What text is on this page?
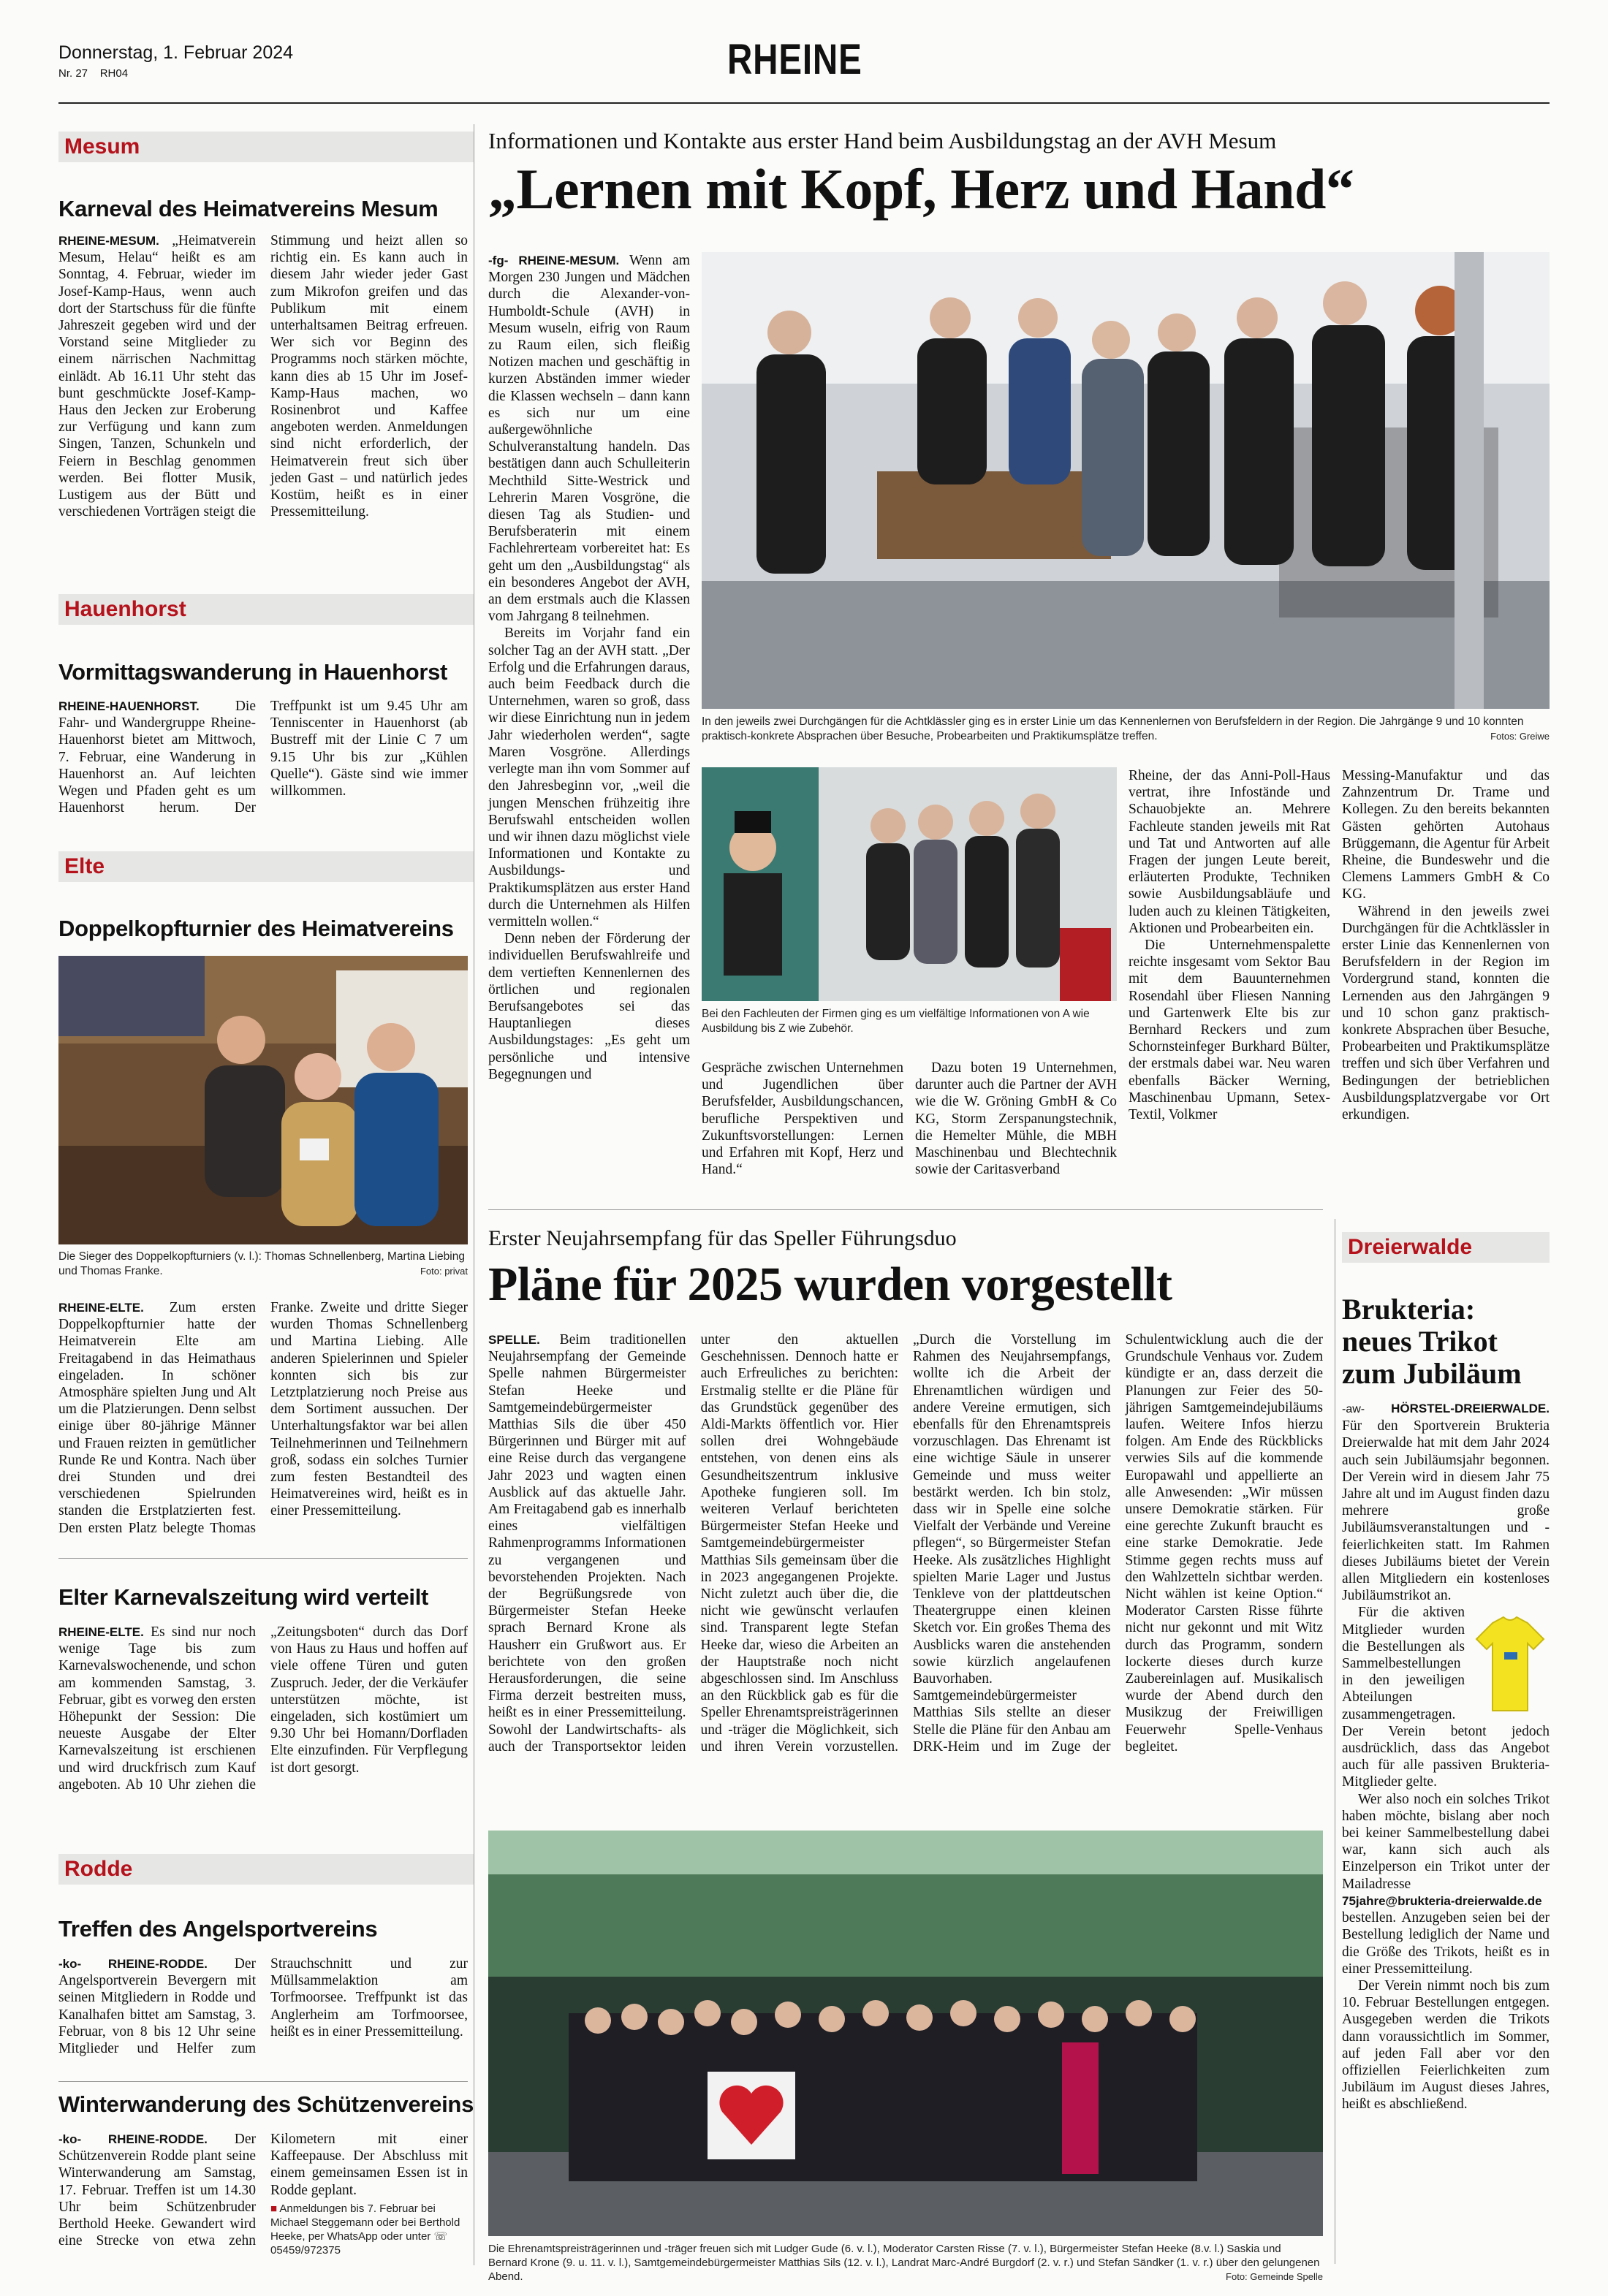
Donnerstag, 1. Februar 2024
Nr. 27 RH04	RHEINE
Mesum
Karneval des Heimatvereins Mesum

RHEINE-MESUM. „Heimatverein Mesum, Helau“ heißt es am Sonntag, 4. Februar, wieder im Josef-Kamp-Haus, wenn auch dort der Startschuss für die fünfte Jahreszeit gegeben wird und der Vorstand seine Mitglieder zu einem närrischen Nachmittag einlädt. Ab 16.11 Uhr steht das bunt geschmückte Josef-Kamp-Haus den Jecken zur Eroberung zur Verfügung und kann zum Singen, Tanzen, Schunkeln und Feiern in Beschlag genommen werden. Bei flotter Musik, Lustigem aus der Bütt und verschiedenen Vorträgen steigt die Stimmung und heizt allen so richtig ein. Es kann auch in diesem Jahr wieder jeder Gast zum Mikrofon greifen und das Publikum mit einem unterhaltsamen Beitrag erfreuen. Wer sich vor Beginn des Programms noch stärken möchte, kann dies ab 15 Uhr im Josef-Kamp-Haus machen, wo Rosinenbrot und Kaffee angeboten werden. Anmeldungen sind nicht erforderlich, der Heimatverein freut sich über jeden Gast – und natürlich jedes Kostüm, heißt es in einer Pressemitteilung.

Hauenhorst
Vormittagswanderung in Hauenhorst

RHEINE-HAUENHORST.	Die Fahr- und Wandergruppe Rheine-Hauenhorst bietet am Mittwoch, 7. Februar, eine Wanderung in Hauenhorst an. Auf leichten Wegen und Pfaden geht es um Hauenhorst herum. Der Treffpunkt ist um 9.45 Uhr am Tenniscenter in Hauenhorst (ab Bustreff mit der Linie C 7 um 9.15 Uhr bis zur „Kühlen Quelle“). Gäste sind wie immer willkommen.

Elte
Doppelkopfturnier des Heimatvereins
Die Sieger des Doppelkopfturniers (v. l.): Thomas Schnellenberg, Martina Liebing und Thomas Franke.	Foto: privat

RHEINE-ELTE. Zum ersten Doppelkopfturnier hatte der Heimatverein Elte am Freitagabend in das Heimathaus eingeladen. In schöner Atmosphäre spielten Jung und Alt um die Platzierungen. Denn selbst einige über 80-jährige Männer und Frauen reizten in gemütlicher Runde Re und Kontra. Nach über drei Stunden und drei verschiedenen Spielrunden standen die Erstplatzierten fest. Den ersten Platz belegte Thomas Franke. Zweite und dritte Sieger wurden Thomas Schnellenberg und Martina Liebing. Alle anderen Spielerinnen und Spieler konnten sich bis zur Letztplatzierung noch Preise aus dem Sortiment aussuchen. Der Unterhaltungsfaktor war bei allen Teilnehmerinnen und Teilnehmern groß, sodass ein solches Turnier zum festen Bestandteil des Heimatvereines wird, heißt es in einer Pressemitteilung.

Elter Karnevalszeitung wird verteilt

RHEINE-ELTE. Es sind nur noch wenige Tage bis zum Karnevalswochenende, und schon am kommenden Samstag, 3. Februar, gibt es vorweg den ersten Höhepunkt der Session: Die neueste Ausgabe der Elter Karnevalszeitung ist erschienen und wird druckfrisch zum Kauf angeboten. Ab 10 Uhr ziehen die „Zeitungsboten“ durch das Dorf von Haus zu Haus und hoffen auf viele offene Türen und guten Zuspruch. Jeder, der die Verkäufer unterstützen möchte, ist eingeladen, sich kostümiert um 9.30 Uhr bei Homann/Dorfladen Elte einzufinden. Für Verpflegung ist dort gesorgt.

Rodde
Treffen des Angelsportvereins

-ko- RHEINE-RODDE. Der Angelsportverein Bevergern mit seinen Mitgliedern in Rodde und Kanalhafen bittet am Samstag, 3. Februar, von 8 bis 12 Uhr seine Mitglieder und Helfer zum Strauchschnitt und zur Müllsammelaktion am Torfmoorsee. Treffpunkt ist das Anglerheim am Torfmoorsee, heißt es in einer Pressemitteilung.

Winterwanderung des Schützenvereins

-ko- RHEINE-RODDE. Der Schützenverein Rodde plant seine Winterwanderung am Samstag, 17. Februar. Treffen ist um 14.30 Uhr beim Schützenbruder Berthold Heeke. Gewandert wird eine Strecke von etwa zehn Kilometern mit einer Kaffeepause. Der Abschluss mit einem gemeinsamen Essen ist in Rodde geplant.

■ Anmeldungen bis 7. Februar bei Michael Steggemann oder bei Berthold Heeke, per WhatsApp oder unter ☏ 05459/972375

Informationen und Kontakte aus erster Hand beim Ausbildungstag an der AVH Mesum
„Lernen mit Kopf, Herz und Hand“

-fg- RHEINE-MESUM. Wenn am Morgen 230 Jungen und Mädchen durch die Alexander-von-Humboldt-Schule (AVH) in Mesum wuseln, eifrig von Raum zu Raum eilen, sich fleißig Notizen machen und geschäftig in kurzen Abständen immer wieder die Klassen wechseln – dann kann es sich nur um eine außergewöhnliche Schulveranstaltung handeln. Das bestätigen dann auch Schulleiterin Mechthild Sitte-Westrick und Lehrerin Maren Vosgröne, die diesen Tag als Studien- und Berufsberaterin mit einem Fachlehrerteam vorbereitet hat: Es geht um den „Ausbildungstag“ als ein besonderes Angebot der AVH, an dem erstmals auch die Klassen vom Jahrgang 8 teilnehmen.

Bereits im Vorjahr fand ein solcher Tag an der AVH statt. „Der Erfolg und die Erfahrungen daraus, auch beim Feedback durch die Unternehmen, waren so groß, dass wir diese Einrichtung nun in jedem Jahr wiederholen werden“, sagte Maren Vosgröne. Allerdings verlegte man ihn vom Sommer auf den Jahresbeginn vor, „weil die jungen Menschen frühzeitig ihre Berufswahl entscheiden wollen und wir ihnen dazu möglichst viele Informationen und Kontakte zu Ausbildungs- und Praktikumsplätzen aus erster Hand durch die Unternehmen als Hilfen vermitteln wollen.“

Denn neben der Förderung der individuellen Berufswahlreife und dem vertieften Kennenlernen des örtlichen und regionalen Berufsangebotes sei das Hauptanliegen dieses Ausbildungstages: „Es geht um persönliche und intensive Begegnungen und

In den jeweils zwei Durchgängen für die Achtklässler ging es in erster Linie um das Kennenlernen von Berufsfeldern in der Region. Die Jahrgänge 9 und 10 konnten praktisch-konkrete Absprachen über Besuche, Probearbeiten und Praktikumsplätze treffen.	Fotos: Greiwe
Bei den Fachleuten der Firmen ging es um vielfältige Informationen von A wie Ausbildung bis Z wie Zubehör.

Gespräche zwischen Unternehmen und Jugendlichen über Berufsfelder, Ausbildungschancen, berufliche Perspektiven und Zukunftsvorstellungen: Lernen und Erfahren mit Kopf, Herz und Hand.“

Dazu boten 19 Unternehmen, darunter auch die Partner der AVH wie die W. Gröning GmbH & Co KG, Storm Zerspanungstechnik, die Hemelter Mühle, die MBH Maschinenbau und Blechtechnik sowie der Caritasverband

Rheine, der das Anni-Poll-Haus vertrat, ihre Infostände und Schauobjekte an. Mehrere Fachleute standen jeweils mit Rat und Tat und Antworten auf alle Fragen der jungen Leute bereit, erläuterten Produkte, Techniken sowie Ausbildungsabläufe und luden auch zu kleinen Tätigkeiten, Aktionen und Probearbeiten ein.

Die Unternehmenspalette reichte insgesamt vom Sektor Bau mit dem Bauunternehmen Rosendahl über Fliesen Nanning und Gartenwerk Elte bis zur Bernhard Reckers und zum Schornsteinfeger Burkhard Bülter, der erstmals dabei war. Neu waren ebenfalls Bäcker Werning, Maschinenbau Upmann, Setex-Textil, Volkmer

Messing-Manufaktur und das Zahnzentrum Dr. Trame und Kollegen. Zu den bereits bekannten Gästen gehörten Autohaus Brüggemann, die Agentur für Arbeit Rheine, die Bundeswehr und die Clemens Lammers GmbH & Co KG.

Während in den jeweils zwei Durchgängen für die Achtklässler in erster Linie das Kennenlernen von Berufsfeldern in der Region im Vordergrund stand, konnten die Lernenden aus den Jahrgängen 9 und 10 schon ganz praktisch-konkrete Absprachen über Besuche, Probearbeiten und Praktikumsplätze treffen und sich über Verfahren und Bedingungen der betrieblichen Ausbildungsplatzvergabe vor Ort erkundigen.

Erster Neujahrsempfang für das Speller Führungsduo
Pläne für 2025 wurden vorgestellt

SPELLE. Beim traditionellen Neujahrsempfang der Gemeinde Spelle nahmen Bürgermeister Stefan Heeke und Samtgemeindebürgermeister Matthias Sils die über 450 Bürgerinnen und Bürger mit auf eine Reise durch das vergangene Jahr 2023 und wagten einen Ausblick auf das aktuelle Jahr. Am Freitagabend gab es innerhalb eines vielfältigen Rahmenprogramms Informationen zu vergangenen und bevorstehenden Projekten. Nach der Begrüßungsrede von Bürgermeister Stefan Heeke sprach Bernard Krone als Hausherr ein Grußwort aus. Er berichtete von den großen Herausforderungen, die seine Firma derzeit bestreiten muss, heißt es in einer Pressemitteilung. Sowohl der Landwirtschafts- als auch der Transportsektor leiden unter den aktuellen Geschehnissen. Dennoch hatte er auch Erfreuliches zu berichten: Erstmalig stellte er die Pläne für das Grundstück gegenüber des Aldi-Markts öffentlich vor. Hier sollen drei Wohngebäude entstehen, von denen eins als Gesundheitszentrum inklusive Apotheke fungieren soll. Im weiteren Verlauf berichteten Bürgermeister Stefan Heeke und Samtgemeindebürgermeister Matthias Sils gemeinsam über die in 2023 angegangenen Projekte. Nicht zuletzt auch über die, die nicht wie gewünscht verlaufen sind. Transparent legte Stefan Heeke dar, wieso die Arbeiten an der Hauptstraße noch nicht abgeschlossen sind. Im Anschluss an den Rückblick gab es für die Speller Ehrenamtspreisträgerinnen und -träger die Möglichkeit, sich und ihren Verein vorzustellen. „Durch die Vorstellung im Rahmen des Neujahrsempfangs, wollte ich die Arbeit der Ehrenamtlichen würdigen und andere Vereine ermutigen, sich ebenfalls für den Ehrenamtspreis vorzuschlagen. Das Ehrenamt ist eine wichtige Säule in unserer Gemeinde und muss weiter bestärkt werden. Ich bin stolz, dass wir in Spelle eine solche Vielfalt der Verbände und Vereine pflegen“, so Bürgermeister Stefan Heeke. Als zusätzliches Highlight spielten Marie Lager und Justus Tenkleve von der plattdeutschen Theatergruppe einen kleinen Sketch vor. Ein großes Thema des Ausblicks waren die anstehenden sowie kürzlich angelaufenen Bauvorhaben. Samtgemeindebürgermeister Matthias Sils stellte an dieser Stelle die Pläne für den Anbau am DRK-Heim und im Zuge der Schulentwicklung auch die der Grundschule Venhaus vor. Zudem kündigte er an, dass derzeit die Planungen zur Feier des 50-jährigen Samtgemeindejubiläums laufen. Weitere Infos hierzu folgen. Am Ende des Rückblicks verwies Sils auf die kommende Europawahl und appellierte an alle Anwesenden: „Wir müssen unsere Demokratie stärken. Für eine gerechte Zukunft braucht es eine starke Demokratie. Jede Stimme gegen rechts muss auf den Wahlzetteln sichtbar werden. Nicht wählen ist keine Option.“ Moderator Carsten Risse führte nicht nur gekonnt und mit Witz durch das Programm, sondern lockerte dieses durch kurze Zaubereinlagen auf. Musikalisch wurde der Abend durch den Musikzug der Freiwilligen Feuerwehr Spelle-Venhaus begleitet.

Die Ehrenamtspreisträgerinnen und -träger freuen sich mit Ludger Gude (6. v. l.), Moderator Carsten Risse (7. v. l.), Bürgermeister Stefan Heeke (8.v. l.) Saskia und Bernard Krone (9. u. 11. v. l.), Samtgemeindebürgermeister Matthias Sils (12. v. l.), Landrat Marc-André Burgdorf (2. v. r.) und Stefan Sändker (1. v. r.) über den gelungenen Abend.	Foto: Gemeinde Spelle
Dreierwalde
Brukteria: neues Trikot zum Jubiläum

-aw- HÖRSTEL-DREIERWALDE. Für den Sportverein Brukteria Dreierwalde hat mit dem Jahr 2024 auch sein Jubiläumsjahr begonnen. Der Verein wird in diesem Jahr 75 Jahre alt und im August finden dazu mehrere große Jubiläumsveranstaltungen und -feierlichkeiten statt. Im Rahmen dieses Jubiläums bietet der Verein allen Mitgliedern ein kostenloses Jubiläumstrikot an.

Für die aktiven Mitglieder wurden die Bestellungen als Sammelbestellungen in den jeweiligen Abteilungen zusammengetragen. Der Verein betont jedoch ausdrücklich, dass das Angebot auch für alle passiven Brukteria-Mitglieder gelte.

Wer also noch ein solches Trikot haben möchte, bislang aber noch bei keiner Sammelbestellung dabei war, kann sich auch als Einzelperson ein Trikot unter der Mailadresse
75jahre@brukteria-dreierwalde.de bestellen. Anzugeben seien bei der Bestellung lediglich der Name und die Größe des Trikots, heißt es in einer Pressemitteilung.

Der Verein nimmt noch bis zum 10. Februar Bestellungen entgegen. Ausgegeben werden die Trikots dann voraussichtlich im Sommer, auf jeden Fall aber vor den offiziellen Feierlichkeiten zum Jubiläum im August dieses Jahres, heißt es abschließend.
